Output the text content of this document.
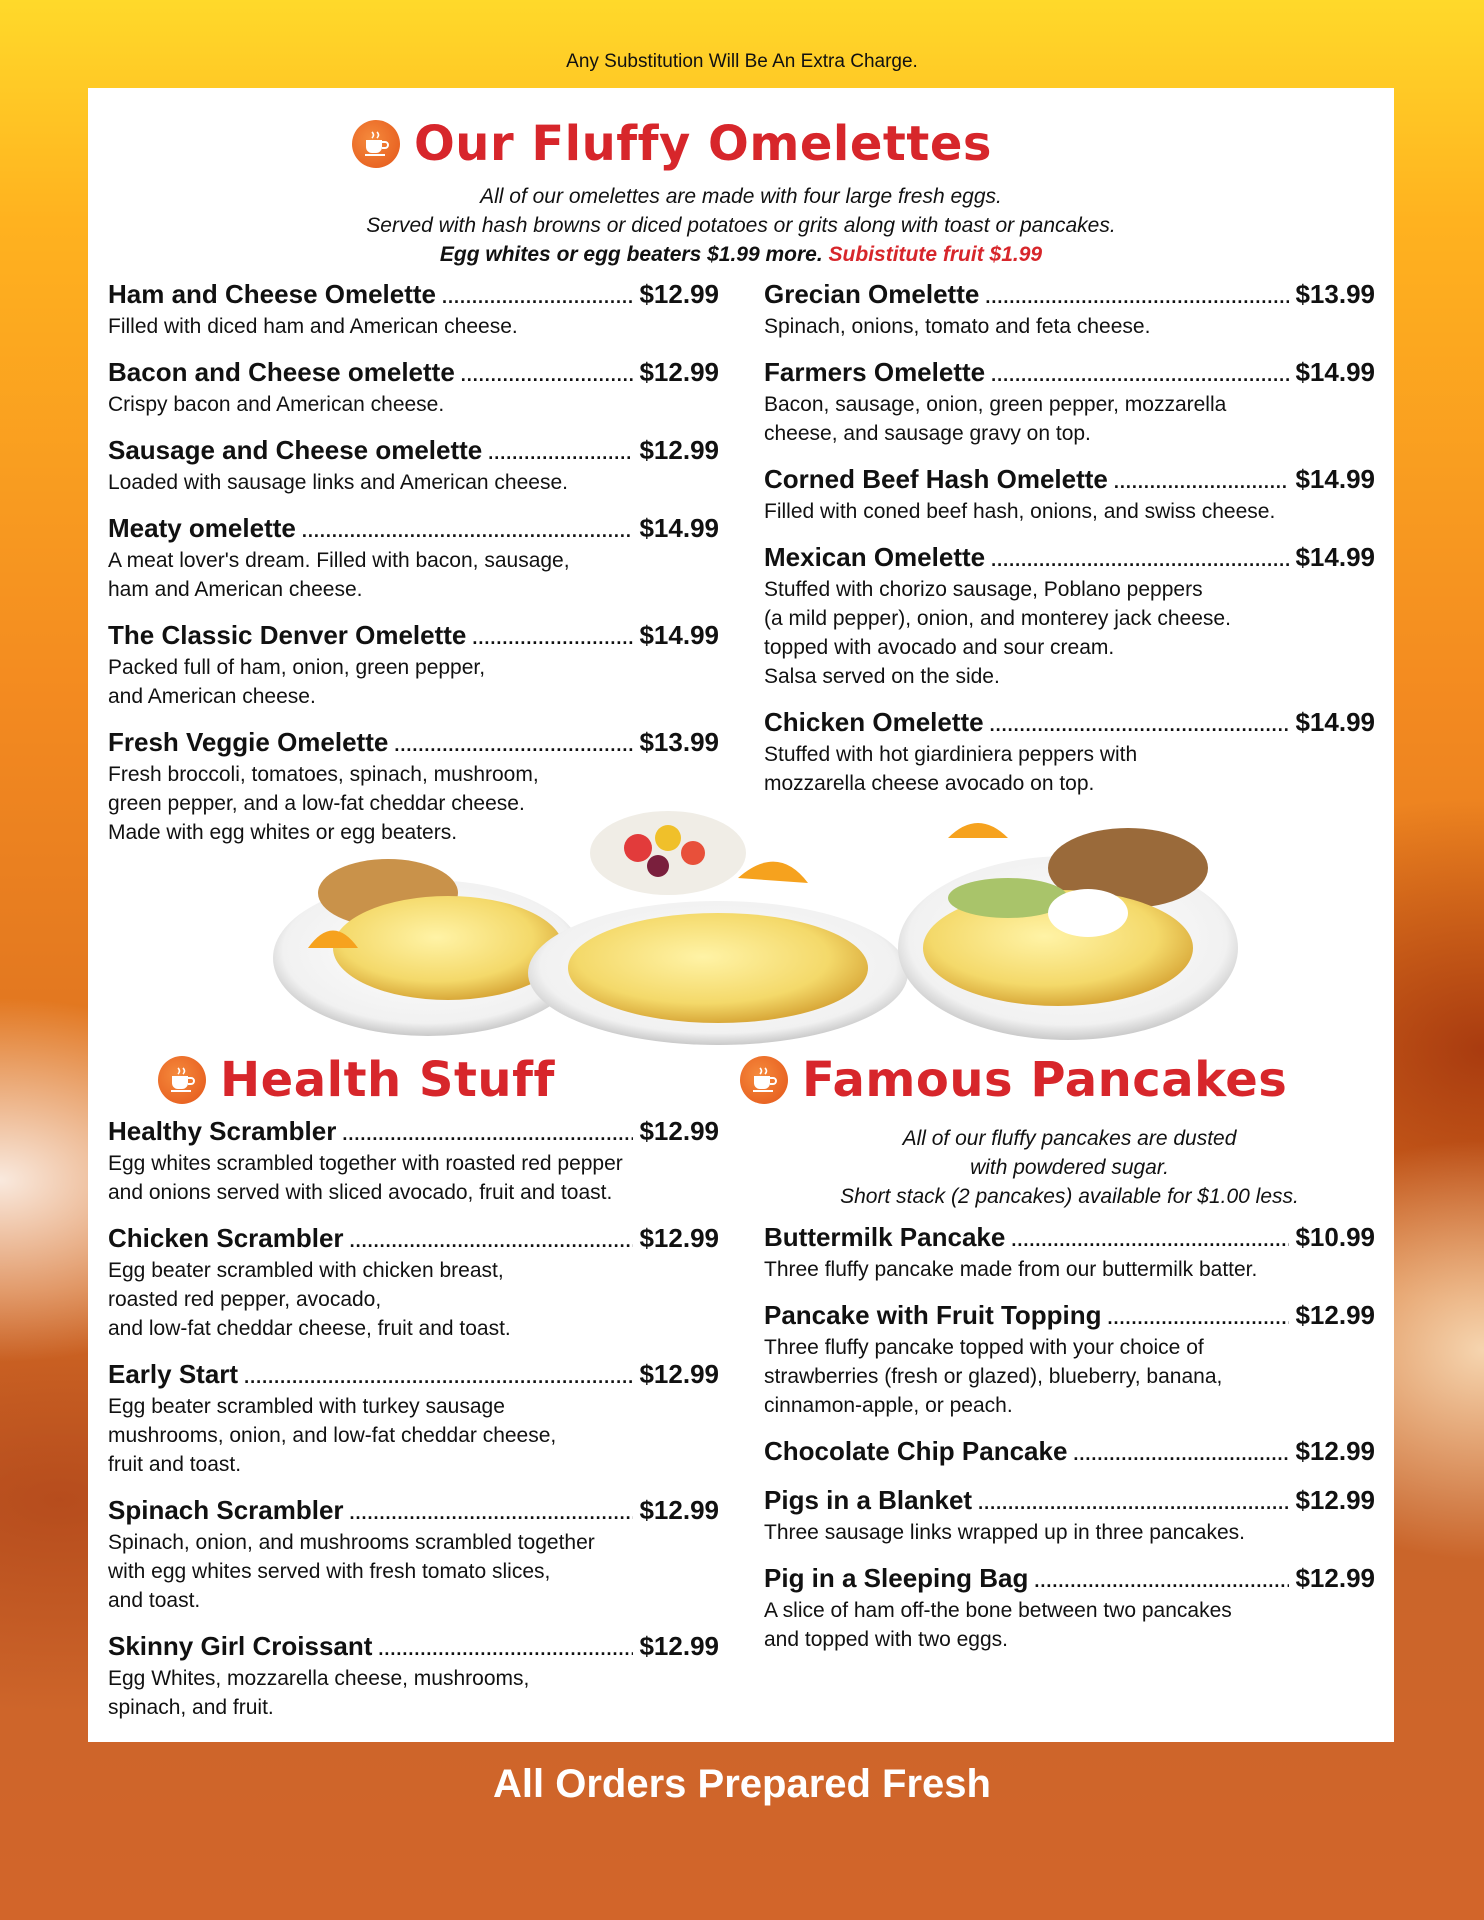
Any Substitution Will Be An Extra Charge.
Our Fluffy Omelettes
All of our omelettes are made with four large fresh eggs.
Served with hash browns or diced potatoes or grits along with toast or pancakes.
Egg whites or egg beaters $1.99 more. Subistitute fruit $1.99
Ham and Cheese Omelette .....	$12.99
Filled with diced ham and American cheese.
Bacon and Cheese omelette .....	$12.99
Crispy bacon and American cheese.
Sausage and Cheese omelette .....	$12.99
Loaded with sausage links and American cheese.
Meaty omelette .....	$14.99
A meat lover's dream. Filled with bacon, sausage,
ham and American cheese.
The Classic Denver Omelette .....	$14.99
Packed full of ham, onion, green pepper,
and American cheese.
Fresh Veggie Omelette .....	$13.99
Fresh broccoli, tomatoes, spinach, mushroom,
green pepper, and a low-fat cheddar cheese.
Made with egg whites or egg beaters.
Grecian Omelette .....	$13.99
Spinach, onions, tomato and feta cheese.
Farmers Omelette .....	$14.99
Bacon, sausage, onion, green pepper, mozzarella
cheese, and sausage gravy on top.
Corned Beef Hash Omelette .....	$14.99
Filled with coned beef hash, onions, and swiss cheese.
Mexican Omelette .....	$14.99
Stuffed with chorizo sausage, Poblano peppers
(a mild pepper), onion, and monterey jack cheese.
topped with avocado and sour cream.
Salsa served on the side.
Chicken Omelette .....	$14.99
Stuffed with hot giardiniera peppers with
mozzarella cheese avocado on top.
Health Stuff
Healthy Scrambler .....	$12.99
Egg whites scrambled together with roasted red pepper
and onions served with sliced avocado, fruit and toast.
Chicken Scrambler .....	$12.99
Egg beater scrambled with chicken breast,
roasted red pepper, avocado,
and low-fat cheddar cheese, fruit and toast.
Early Start .....	$12.99
Egg beater scrambled with turkey sausage
mushrooms, onion, and low-fat cheddar cheese,
fruit and toast.
Spinach Scrambler .....	$12.99
Spinach, onion, and mushrooms scrambled together
with egg whites served with fresh tomato slices,
and toast.
Skinny Girl Croissant .....	$12.99
Egg Whites, mozzarella cheese, mushrooms,
spinach, and fruit.
Famous Pancakes
All of our fluffy pancakes are dusted
with powdered sugar.
Short stack (2 pancakes) available for $1.00 less.
Buttermilk Pancake .....	$10.99
Three fluffy pancake made from our buttermilk batter.
Pancake with Fruit Topping .....	$12.99
Three fluffy pancake topped with your choice of
strawberries (fresh or glazed), blueberry, banana,
cinnamon-apple, or peach.
Chocolate Chip Pancake .....	$12.99
Pigs in a Blanket .....	$12.99
Three sausage links wrapped up in three pancakes.
Pig in a Sleeping Bag .....	$12.99
A slice of ham off-the bone between two pancakes
and topped with two eggs.
All Orders Prepared Fresh
